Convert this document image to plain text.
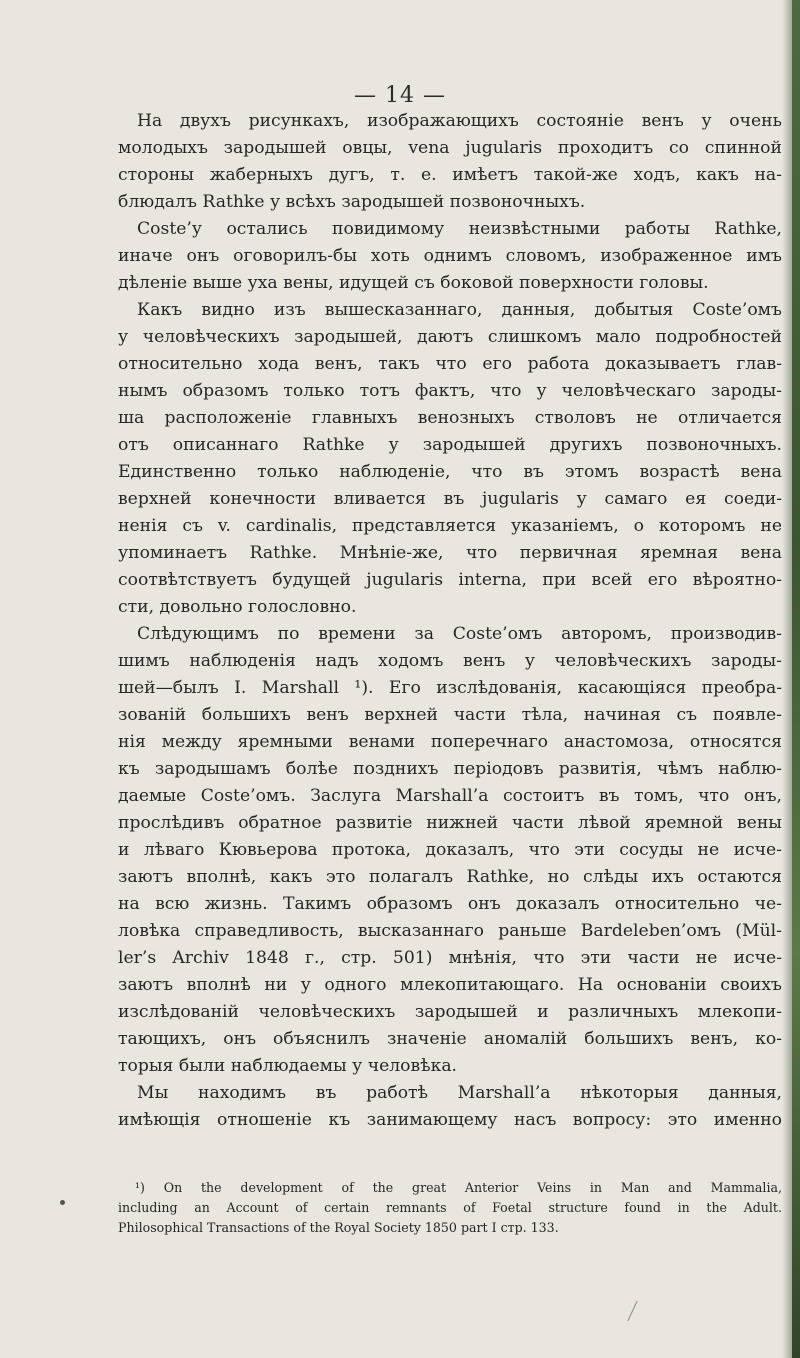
— 14 —
На двухъ рисункахъ, изображающихъ состояніе венъ у очень
молодыхъ зародышей овцы, vena jugularis проходитъ со спинной
стороны жаберныхъ дугъ, т. е. имѣетъ такой-же ходъ, какъ на-
блюдалъ Rathke у всѣхъ зародышей позвоночныхъ.
Coste’у остались повидимому неизвѣстными работы Rathke,
иначе онъ оговорилъ-бы хоть однимъ словомъ, изображенное имъ
дѣленіе выше уха вены, идущей съ боковой поверхности головы.
Какъ видно изъ вышесказаннаго, данныя, добытыя Coste’омъ
у человѣческихъ зародышей, даютъ слишкомъ мало подробностей
относительно хода венъ, такъ что его работа доказываетъ глав-
нымъ образомъ только тотъ фактъ, что у человѣческаго зароды-
ша расположеніе главныхъ венозныхъ стволовъ не отличается
отъ описаннаго Rathke у зародышей другихъ позвоночныхъ.
Единственно только наблюденіе, что въ этомъ возрастѣ вена
верхней конечности вливается въ jugularis у самаго ея соеди-
ненія съ v. cardinalis, представляется указаніемъ, о которомъ не
упоминаетъ Rathke. Мнѣніе-же, что первичная яремная вена
соотвѣтствуетъ будущей jugularis interna, при всей его вѣроятно-
сти, довольно голословно.
Слѣдующимъ по времени за Coste’омъ авторомъ, производив-
шимъ наблюденія надъ ходомъ венъ у человѣческихъ зароды-
шей—былъ I. Marshall ¹). Его изслѣдованія, касающіяся преобра-
зованій большихъ венъ верхней части тѣла, начиная съ появле-
нія между яремными венами поперечнаго анастомоза, относятся
къ зародышамъ болѣе позднихъ періодовъ развитія, чѣмъ наблю-
даемые Coste’омъ. Заслуга Marshall’а состоитъ въ томъ, что онъ,
прослѣдивъ обратное развитіе нижней части лѣвой яремной вены
и лѣваго Кювьерова протока, доказалъ, что эти сосуды не исче-
заютъ вполнѣ, какъ это полагалъ Rathke, но слѣды ихъ остаются
на всю жизнь. Такимъ образомъ онъ доказалъ относительно че-
ловѣка справедливость, высказаннаго раньше Bardeleben’омъ (Mül-
ler’s Archiv 1848 г., стр. 501) мнѣнія, что эти части не исче-
заютъ вполнѣ ни у одного млекопитающаго. На основаніи своихъ
изслѣдованій человѣческихъ зародышей и различныхъ млекопи-
тающихъ, онъ объяснилъ значеніе аномалій большихъ венъ, ко-
торыя были наблюдаемы у человѣка.
Мы находимъ въ работѣ Marshall’а нѣкоторыя данныя,
имѣющія отношеніе къ занимающему насъ вопросу: это именно
¹) On the development of the great Anterior Veins in Man and Mammalia,
including an Account of certain remnants of Foetal structure found in the Adult.
Philosophical Transactions of the Royal Society 1850 part I стр. 133.
